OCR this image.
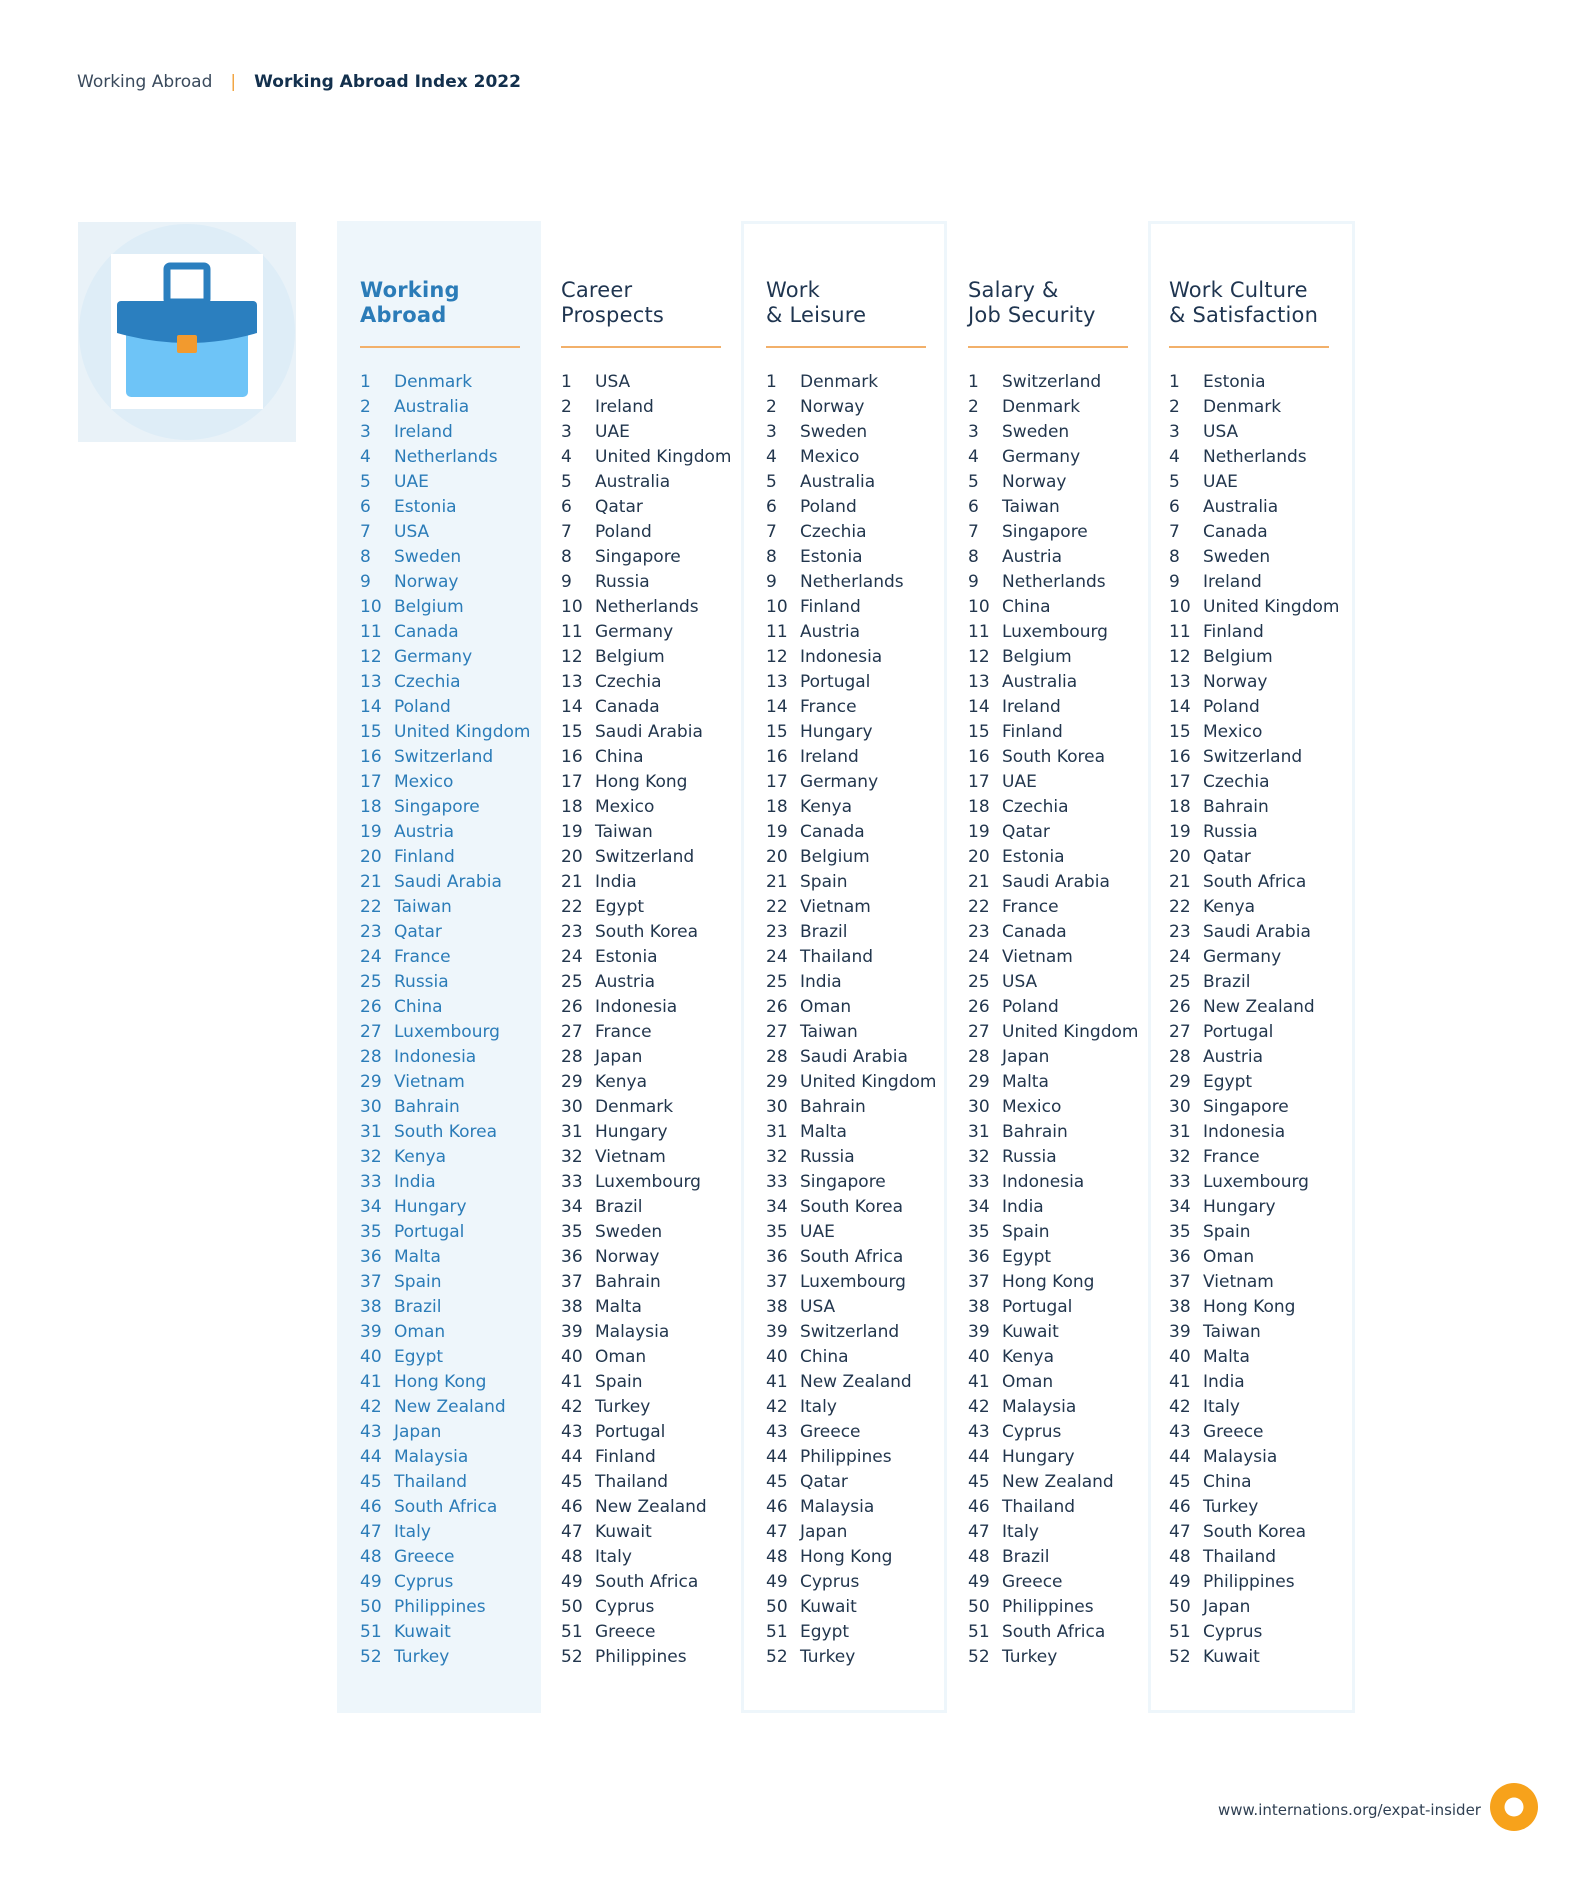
Working Abroad | Working Abroad Index 2022
Working
Abroad
1 Denmark
2 Australia
3 Ireland
4 Netherlands
5 UAE
6 Estonia
7 USA
8 Sweden
9 Norway
10 Belgium
11 Canada
12 Germany
13 Czechia
14 Poland
15 United Kingdom
16 Switzerland
17 Mexico
18 Singapore
19 Austria
20 Finland
21 Saudi Arabia
22 Taiwan
23 Qatar
24 France
25 Russia
26 China
27 Luxembourg
28 Indonesia
29 Vietnam
30 Bahrain
31 South Korea
32 Kenya
33 India
34 Hungary
35 Portugal
36 Malta
37 Spain
38 Brazil
39 Oman
40 Egypt
41 Hong Kong
42 New Zealand
43 Japan
44 Malaysia
45 Thailand
46 South Africa
47 Italy
48 Greece
49 Cyprus
50 Philippines
51 Kuwait
52 Turkey
Career
Prospects
1 USA
2 Ireland
3 UAE
4 United Kingdom
5 Australia
6 Qatar
7 Poland
8 Singapore
9 Russia
10 Netherlands
11 Germany
12 Belgium
13 Czechia
14 Canada
15 Saudi Arabia
16 China
17 Hong Kong
18 Mexico
19 Taiwan
20 Switzerland
21 India
22 Egypt
23 South Korea
24 Estonia
25 Austria
26 Indonesia
27 France
28 Japan
29 Kenya
30 Denmark
31 Hungary
32 Vietnam
33 Luxembourg
34 Brazil
35 Sweden
36 Norway
37 Bahrain
38 Malta
39 Malaysia
40 Oman
41 Spain
42 Turkey
43 Portugal
44 Finland
45 Thailand
46 New Zealand
47 Kuwait
48 Italy
49 South Africa
50 Cyprus
51 Greece
52 Philippines
Work
& Leisure
1 Denmark
2 Norway
3 Sweden
4 Mexico
5 Australia
6 Poland
7 Czechia
8 Estonia
9 Netherlands
10 Finland
11 Austria
12 Indonesia
13 Portugal
14 France
15 Hungary
16 Ireland
17 Germany
18 Kenya
19 Canada
20 Belgium
21 Spain
22 Vietnam
23 Brazil
24 Thailand
25 India
26 Oman
27 Taiwan
28 Saudi Arabia
29 United Kingdom
30 Bahrain
31 Malta
32 Russia
33 Singapore
34 South Korea
35 UAE
36 South Africa
37 Luxembourg
38 USA
39 Switzerland
40 China
41 New Zealand
42 Italy
43 Greece
44 Philippines
45 Qatar
46 Malaysia
47 Japan
48 Hong Kong
49 Cyprus
50 Kuwait
51 Egypt
52 Turkey
Salary &
Job Security
1 Switzerland
2 Denmark
3 Sweden
4 Germany
5 Norway
6 Taiwan
7 Singapore
8 Austria
9 Netherlands
10 China
11 Luxembourg
12 Belgium
13 Australia
14 Ireland
15 Finland
16 South Korea
17 UAE
18 Czechia
19 Qatar
20 Estonia
21 Saudi Arabia
22 France
23 Canada
24 Vietnam
25 USA
26 Poland
27 United Kingdom
28 Japan
29 Malta
30 Mexico
31 Bahrain
32 Russia
33 Indonesia
34 India
35 Spain
36 Egypt
37 Hong Kong
38 Portugal
39 Kuwait
40 Kenya
41 Oman
42 Malaysia
43 Cyprus
44 Hungary
45 New Zealand
46 Thailand
47 Italy
48 Brazil
49 Greece
50 Philippines
51 South Africa
52 Turkey
Work Culture
& Satisfaction
1 Estonia
2 Denmark
3 USA
4 Netherlands
5 UAE
6 Australia
7 Canada
8 Sweden
9 Ireland
10 United Kingdom
11 Finland
12 Belgium
13 Norway
14 Poland
15 Mexico
16 Switzerland
17 Czechia
18 Bahrain
19 Russia
20 Qatar
21 South Africa
22 Kenya
23 Saudi Arabia
24 Germany
25 Brazil
26 New Zealand
27 Portugal
28 Austria
29 Egypt
30 Singapore
31 Indonesia
32 France
33 Luxembourg
34 Hungary
35 Spain
36 Oman
37 Vietnam
38 Hong Kong
39 Taiwan
40 Malta
41 India
42 Italy
43 Greece
44 Malaysia
45 China
46 Turkey
47 South Korea
48 Thailand
49 Philippines
50 Japan
51 Cyprus
52 Kuwait
www.internations.org/expat-insider
